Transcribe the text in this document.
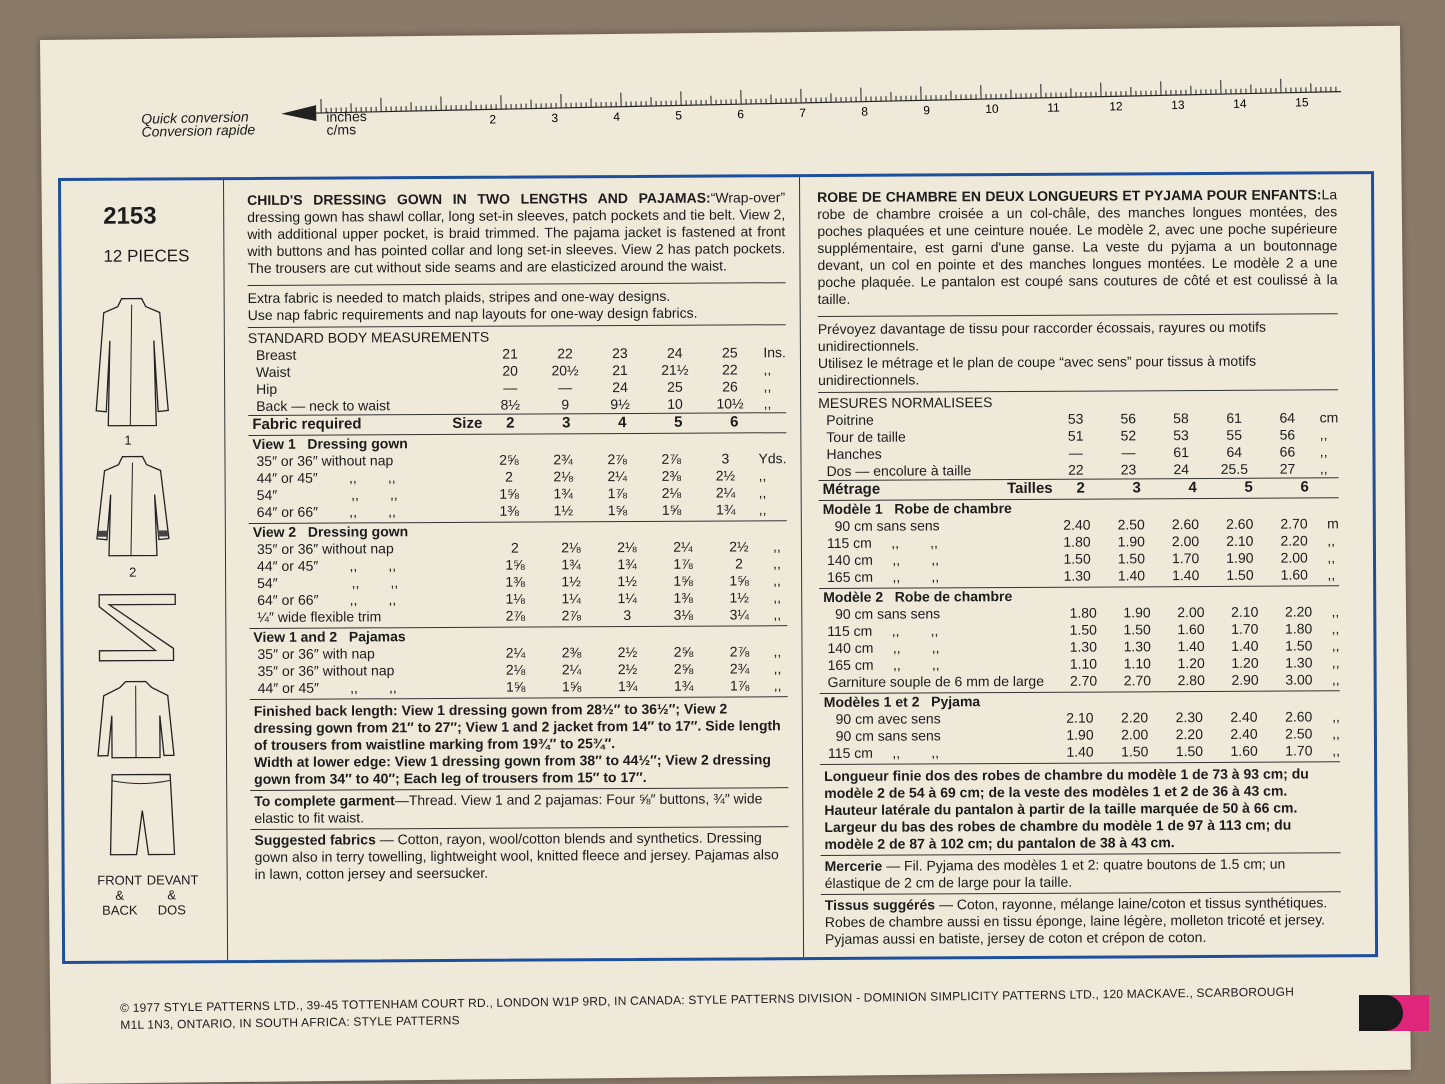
2	3	4	5	6	7	8	9	10	11	12	13	14	15
Quick conversion
Conversion rapide
inches
c/ms
2153
12 PIECES
1
2
FRONT
&
BACK
DEVANT
&
DOS

CHILD'S DRESSING GOWN IN TWO LENGTHS AND PAJAMAS:“Wrap-over” dressing gown has shawl collar, long set-in sleeves, patch pockets and tie belt. View 2, with additional upper pocket, is braid trimmed. The pajama jacket is fastened at front with buttons and has pointed collar and long set-in sleeves. View 2 has patch pockets. The trousers are cut without side seams and are elasticized around the waist.

Extra fabric is needed to match plaids, stripes and one-way designs.

Use nap fabric requirements and nap layouts for one-way design fabrics.

STANDARD BODY MEASUREMENTS

Breast	21	22	23	24	25	Ins.
Waist	20	20½	21	21½	22	,,
Hip	—	—	24	25	26	,,
Back — neck to waist	8½	9	9½	10	10½	,,
Fabric required	Size	2	3	4	5	6	
View 1   Dressing gown						
35″ or 36″ without nap	2⅝	2¾	2⅞	2⅞	3	Yds.
44″ or 45″        ,,        ,,	2	2⅛	2¼	2⅜	2½	,,
54″                   ,,        ,,	1⅝	1¾	1⅞	2⅛	2¼	,,
64″ or 66″        ,,        ,,	1⅜	1½	1⅝	1⅝	1¾	,,
View 2   Dressing gown						
35″ or 36″ without nap	2	2⅛	2⅛	2¼	2½	,,
44″ or 45″        ,,        ,,	1⅝	1¾	1¾	1⅞	2	,,
54″                   ,,        ,,	1⅜	1½	1½	1⅝	1⅝	,,
64″ or 66″        ,,        ,,	1⅛	1¼	1¼	1⅜	1½	,,
¼″ wide flexible trim	2⅞	2⅞	3	3⅛	3¼	,,
View 1 and 2   Pajamas						
35″ or 36″ with nap	2¼	2⅜	2½	2⅝	2⅞	,,
35″ or 36″ without nap	2⅛	2¼	2½	2⅝	2¾	,,
44″ or 45″        ,,        ,,	1⅝	1⅝	1¾	1¾	1⅞	,,

Finished back length: View 1 dressing gown from 28½″ to 36½″; View 2 dressing gown from 21″ to 27″; View 1 and 2 jacket from 14″ to 17″. Side length of trousers from waistline marking from 19¾″ to 25¾″.

Width at lower edge: View 1 dressing gown from 38″ to 44½″; View 2 dressing gown from 34″ to 40″; Each leg of trousers from 15″ to 17″.

To complete garment—Thread. View 1 and 2 pajamas: Four ⅝″ buttons, ¾″ wide elastic to fit waist.

Suggested fabrics — Cotton, rayon, wool/cotton blends and synthetics. Dressing gown also in terry towelling, lightweight wool, knitted fleece and jersey. Pajamas also in lawn, cotton jersey and seersucker.

ROBE DE CHAMBRE EN DEUX LONGUEURS ET PYJAMA POUR ENFANTS:La robe de chambre croisée a un col-châle, des manches longues montées, des poches plaquées et une ceinture nouée. Le modèle 2, avec une poche supérieure supplémentaire, est garni d'une ganse. La veste du pyjama a un boutonnage devant, un col en pointe et des manches longues montées. Le modèle 2 a une poche plaquée. Le pantalon est coupé sans coutures de côté et est coulissé à la taille.

Prévoyez davantage de tissu pour raccorder écossais, rayures ou motifs unidirectionnels.

Utilisez le métrage et le plan de coupe “avec sens” pour tissus à motifs unidirectionnels.

MESURES NORMALISEES

Poitrine	53	56	58	61	64	cm
Tour de taille	51	52	53	55	56	,,
Hanches	—	—	61	64	66	,,
Dos — encolure à taille	22	23	24	25.5	27	,,
Métrage	Tailles	2	3	4	5	6	
Modèle 1   Robe de chambre						
90 cm sans sens	2.40	2.50	2.60	2.60	2.70	m
115 cm     ,,        ,,	1.80	1.90	2.00	2.10	2.20	,,
140 cm     ,,        ,,	1.50	1.50	1.70	1.90	2.00	,,
165 cm     ,,        ,,	1.30	1.40	1.40	1.50	1.60	,,
Modèle 2   Robe de chambre						
90 cm sans sens	1.80	1.90	2.00	2.10	2.20	,,
115 cm     ,,        ,,	1.50	1.50	1.60	1.70	1.80	,,
140 cm     ,,        ,,	1.30	1.30	1.40	1.40	1.50	,,
165 cm     ,,        ,,	1.10	1.10	1.20	1.20	1.30	,,
Garniture souple de 6 mm de large	2.70	2.70	2.80	2.90	3.00	,,
Modèles 1 et 2   Pyjama						
90 cm avec sens	2.10	2.20	2.30	2.40	2.60	,,
90 cm sans sens	1.90	2.00	2.20	2.40	2.50	,,
115 cm     ,,        ,,	1.40	1.50	1.50	1.60	1.70	,,

Longueur finie dos des robes de chambre du modèle 1 de 73 à 93 cm; du modèle 2 de 54 à 69 cm; de la veste des modèles 1 et 2 de 36 à 43 cm. Hauteur latérale du pantalon à partir de la taille marquée de 50 à 66 cm.

Largeur du bas des robes de chambre du modèle 1 de 97 à 113 cm; du modèle 2 de 87 à 102 cm; du pantalon de 38 à 43 cm.

Mercerie — Fil. Pyjama des modèles 1 et 2: quatre boutons de 1.5 cm; un élastique de 2 cm de large pour la taille.

Tissus suggérés — Coton, rayonne, mélange laine/coton et tissus synthétiques. Robes de chambre aussi en tissu éponge, laine légère, molleton tricoté et jersey. Pyjamas aussi en batiste, jersey de coton et crépon de coton.

© 1977 STYLE PATTERNS LTD., 39-45 TOTTENHAM COURT RD., LONDON W1P 9RD, IN CANADA: STYLE PATTERNS DIVISION - DOMINION SIMPLICITY PATTERNS LTD., 120 MACKAVE., SCARBOROUGH
M1L 1N3, ONTARIO, IN SOUTH AFRICA: STYLE PATTERNS
